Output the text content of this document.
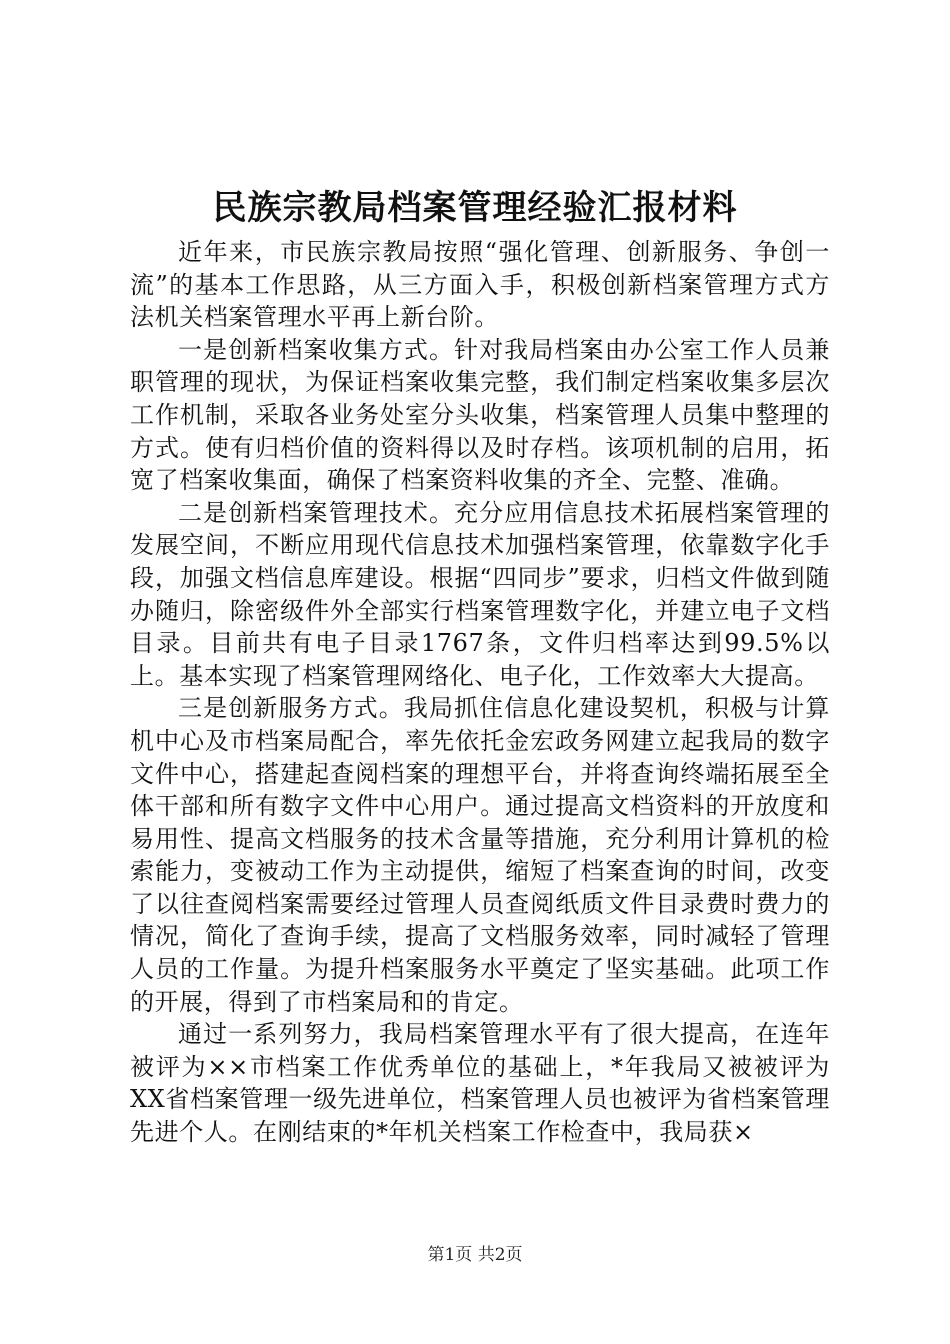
民族宗教局档案管理经验汇报材料

近年来，市民族宗教局按照“强化管理、创新服务、争创一流”的基本工作思路，从三方面入手，积极创新档案管理方式方法机关档案管理水平再上新台阶。

一是创新档案收集方式。针对我局档案由办公室工作人员兼职管理的现状，为保证档案收集完整，我们制定档案收集多层次工作机制，采取各业务处室分头收集，档案管理人员集中整理的方式。使有归档价值的资料得以及时存档。该项机制的启用，拓宽了档案收集面，确保了档案资料收集的齐全、完整、准确。

二是创新档案管理技术。充分应用信息技术拓展档案管理的发展空间，不断应用现代信息技术加强档案管理，依靠数字化手段，加强文档信息库建设。根据“四同步”要求，归档文件做到随办随归，除密级件外全部实行档案管理数字化，并建立电子文档目录。目前共有电子目录1767条，文件归档率达到99.5%以上。基本实现了档案管理网络化、电子化，工作效率大大提高。

三是创新服务方式。我局抓住信息化建设契机，积极与计算机中心及市档案局配合，率先依托金宏政务网建立起我局的数字文件中心，搭建起查阅档案的理想平台，并将查询终端拓展至全体干部和所有数字文件中心用户。通过提高文档资料的开放度和易用性、提高文档服务的技术含量等措施，充分利用计算机的检索能力，变被动工作为主动提供，缩短了档案查询的时间，改变了以往查阅档案需要经过管理人员查阅纸质文件目录费时费力的情况，简化了查询手续，提高了文档服务效率，同时减轻了管理人员的工作量。为提升档案服务水平奠定了坚实基础。此项工作的开展，得到了市档案局和的肯定。

通过一系列努力，我局档案管理水平有了很大提高，在连年被评为××市档案工作优秀单位的基础上，*年我局又被被评为XX省档案管理一级先进单位，档案管理人员也被评为省档案管理先进个人。在刚结束的*年机关档案工作检查中，我局获×

第1页 共2页
